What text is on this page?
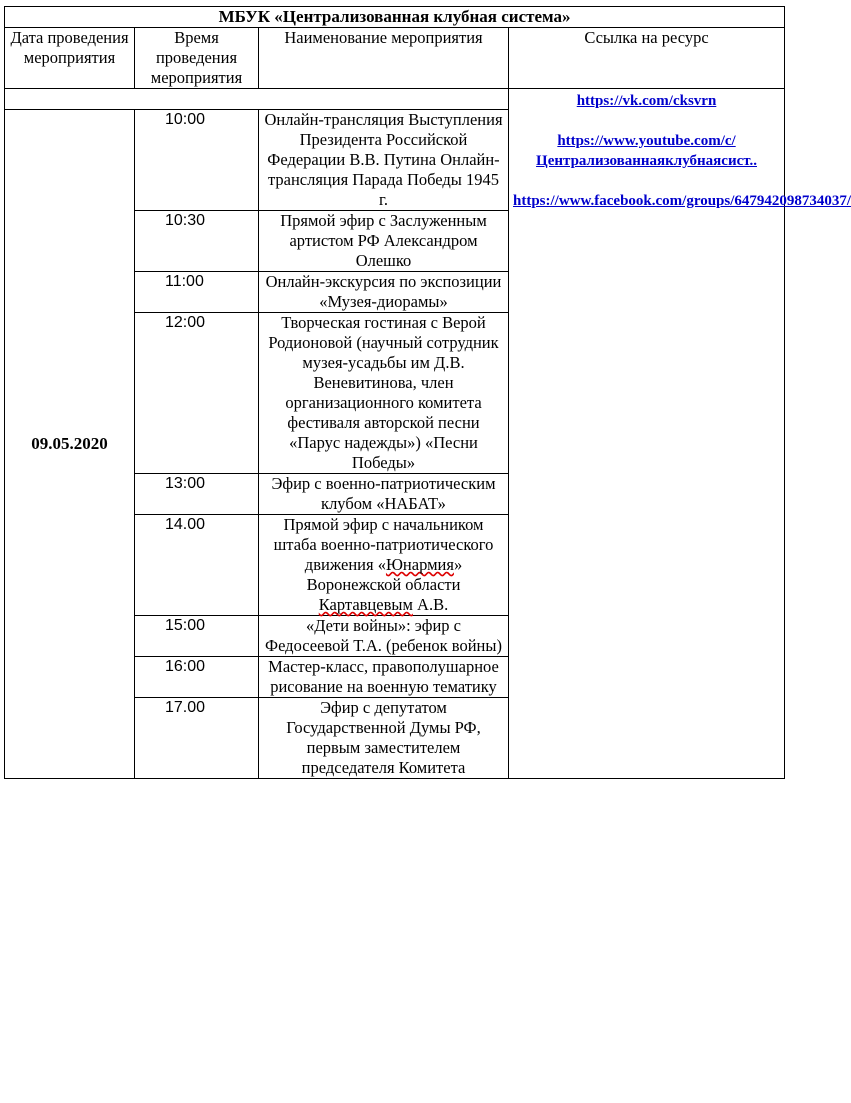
МБУК «Централизованная клубная система»			
Дата проведения мероприятия	Время проведения мероприятия	Наименование мероприятия	Ссылка на ресурс

			https://vk.com/cksvrn
https://www.youtube.com/c/Централизованнаяклубнаясист..
https://www.facebook.com/groups/647942098734037/

09.05.2020	10:00	Онлайн-трансляция Выступления Президента Российской Федерации В.В. Путина Онлайн-трансляция Парада Победы 1945 г.	
	10:30	Прямой эфир с Заслуженным артистом РФ Александром Олешко	
	11:00	Онлайн-экскурсия по экспозиции «Музея-диорамы»	
	12:00	Творческая гостиная с Верой Родионовой (научный сотрудник музея-усадьбы им Д.В. Веневитинова, член организационного комитета фестиваля авторской песни «Парус надежды») «Песни Победы»	
	13:00	Эфир с военно-патриотическим клубом «НАБАТ»	
	14.00	Прямой эфир с начальником штаба военно-патриотического движения «Юнармия» Воронежской области Картавцевым А.В.	
	15:00	«Дети войны»: эфир с Федосеевой Т.А. (ребенок войны)	
	16:00	Мастер-класс, правополушарное рисование на военную тематику	
	17.00	Эфир с депутатом Государственной Думы РФ, первым заместителем председателя Комитета	
